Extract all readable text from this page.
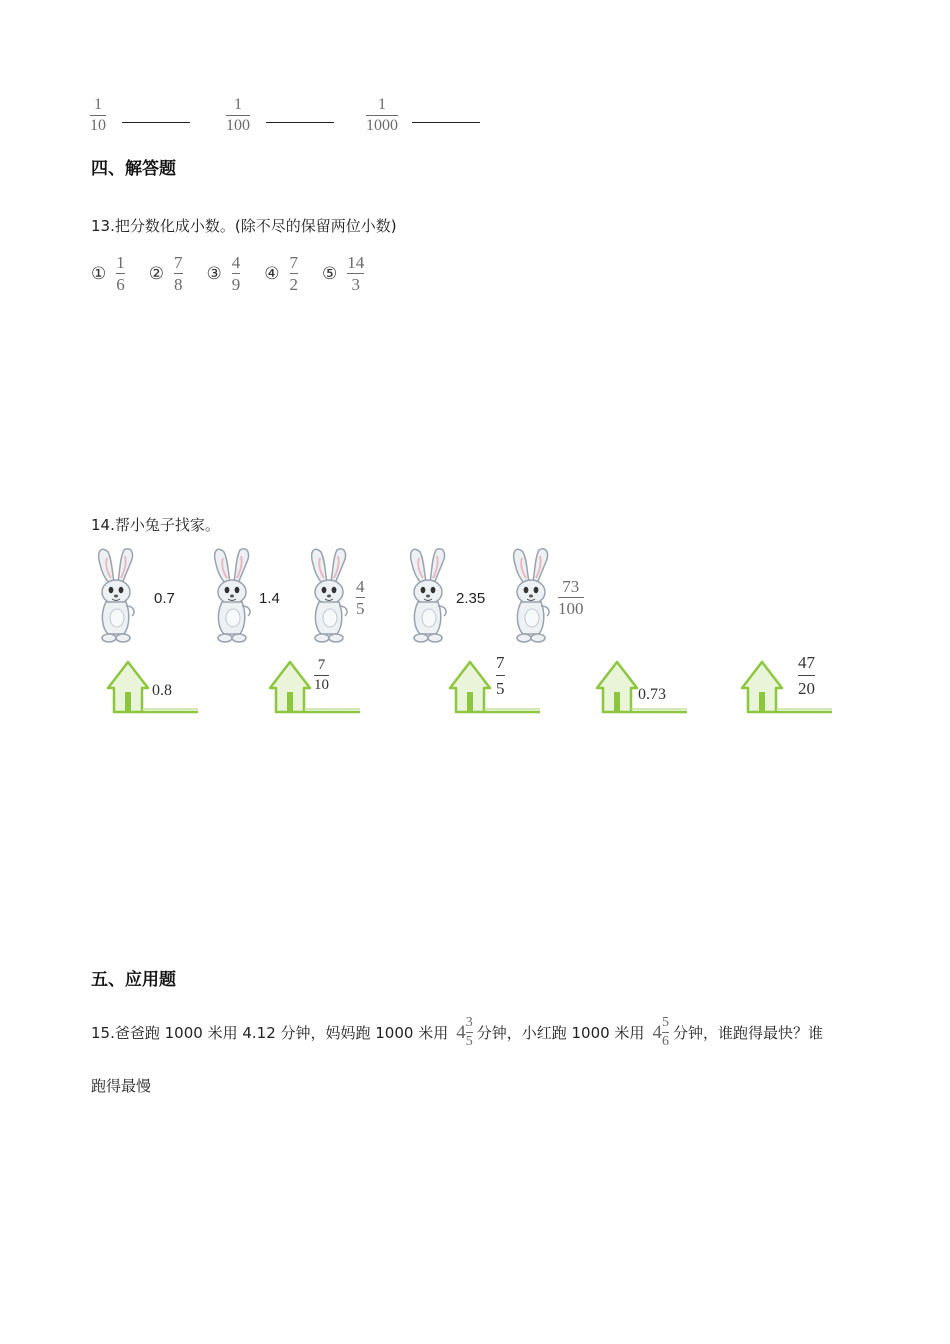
$\frac{1}{10}$	$\frac{1}{100}$	$\frac{1}{1000}$
四、解答题
13.把分数化成小数。(除不尽的保留两位小数)
① $\frac{1}{6}$ ② $\frac{7}{8}$ ③ $\frac{4}{9}$ ④ $\frac{7}{2}$ ⑤ $\frac{14}{3}$
14.帮小兔子找家。
0.7	1.4
4
5
2.35
73
100
0.8
7
10
7
5	0.73
47
20
五、应用题
15.爸爸跑 1000 米用 4.12 分钟，妈妈跑 1000 米用 $4 \frac{3}{5}$ 分钟，小红跑 1000 米用 $4 \frac{5}{6}$ 分钟，谁跑得最快？谁
跑得最慢
